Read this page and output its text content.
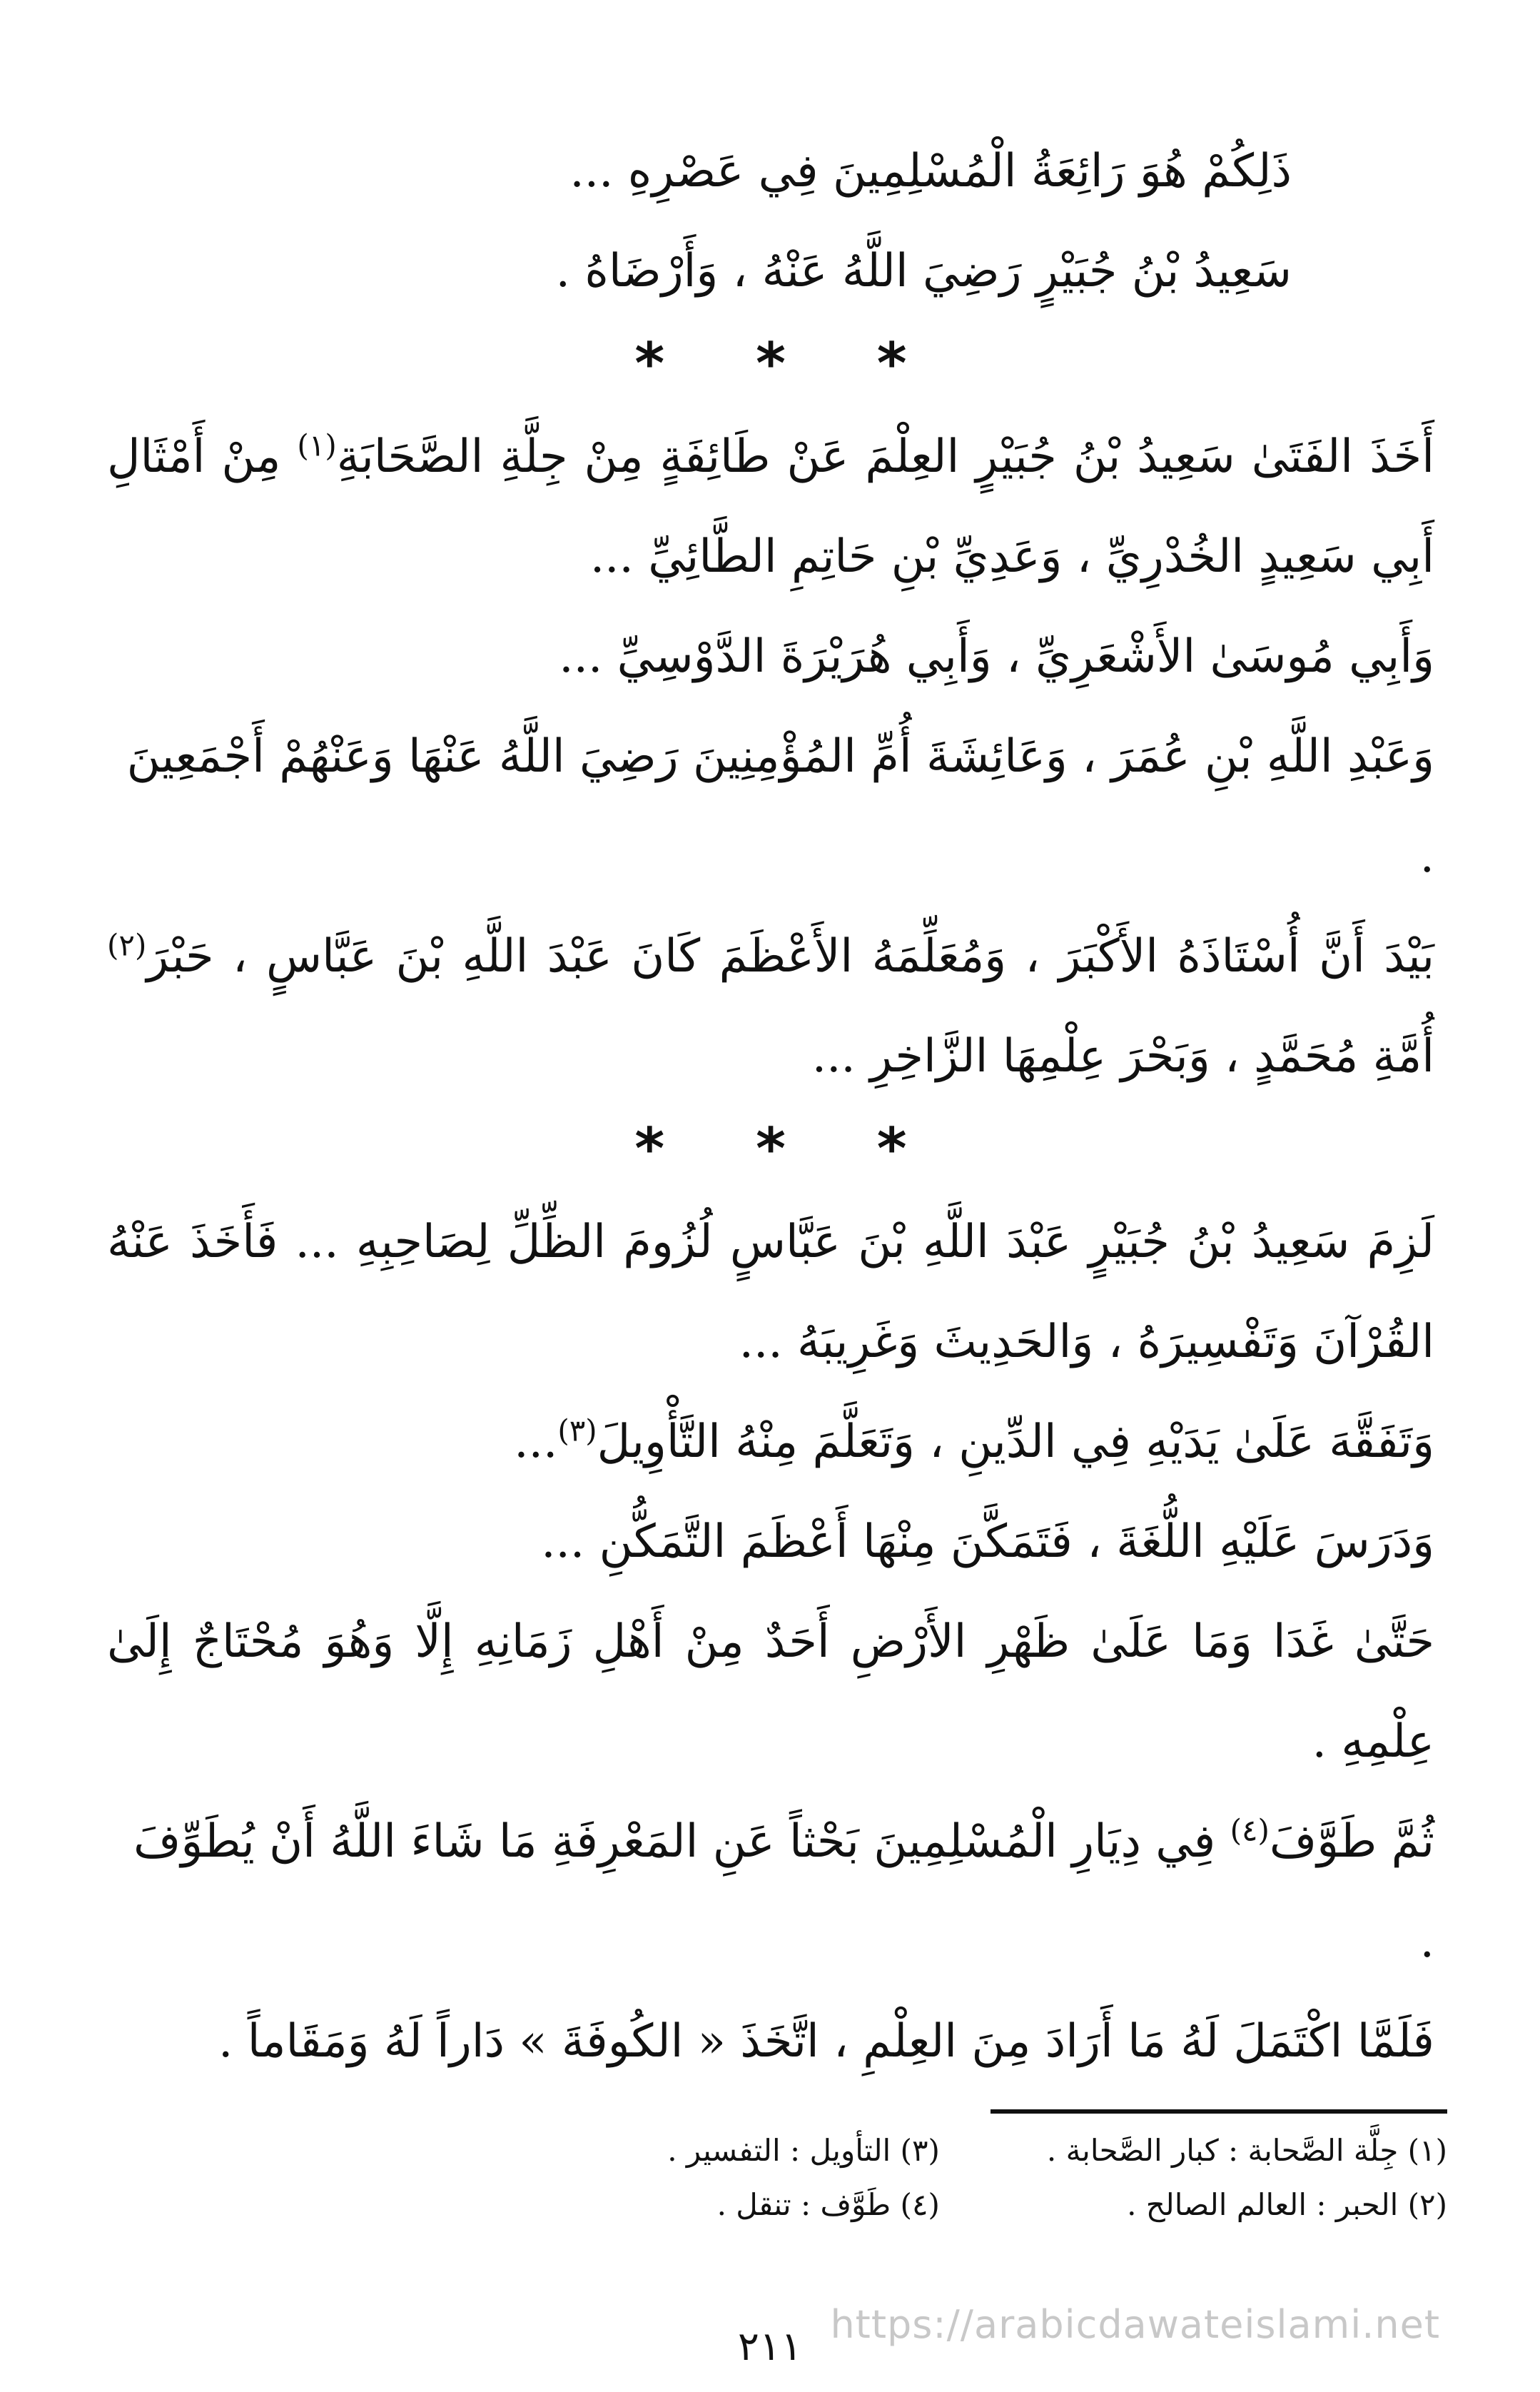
ذَلِكُمْ هُوَ رَائِعَةُ الْمُسْلِمِينَ فِي عَصْرِهِ ...

سَعِيدُ بْنُ جُبَيْرٍ رَضِيَ اللَّهُ عَنْهُ ، وَأَرْضَاهُ .

* * *

أَخَذَ الفَتَىٰ سَعِيدُ بْنُ جُبَيْرٍ العِلْمَ عَنْ طَائِفَةٍ مِنْ جِلَّةِ الصَّحَابَةِ$^{(١)}$ مِنْ أَمْثَالِ أَبِي سَعِيدٍ الخُدْرِيِّ ، وَعَدِيِّ بْنِ حَاتِمِ الطَّائِيِّ ...

وَأَبِي مُوسَىٰ الأَشْعَرِيِّ ، وَأَبِي هُرَيْرَةَ الدَّوْسِيِّ ...

وَعَبْدِ اللَّهِ بْنِ عُمَرَ ، وَعَائِشَةَ أُمِّ المُؤْمِنِينَ رَضِيَ اللَّهُ عَنْهَا وَعَنْهُمْ أَجْمَعِينَ .

بَيْدَ أَنَّ أُسْتَاذَهُ الأَكْبَرَ ، وَمُعَلِّمَهُ الأَعْظَمَ كَانَ عَبْدَ اللَّهِ بْنَ عَبَّاسٍ ، حَبْرَ$^{(٢)}$ أُمَّةِ مُحَمَّدٍ ، وَبَحْرَ عِلْمِهَا الزَّاخِرِ ...

* * *

لَزِمَ سَعِيدُ بْنُ جُبَيْرٍ عَبْدَ اللَّهِ بْنَ عَبَّاسٍ لُزُومَ الظِّلِّ لِصَاحِبِهِ ... فَأَخَذَ عَنْهُ القُرْآنَ وَتَفْسِيرَهُ ، وَالحَدِيثَ وَغَرِيبَهُ ...

وَتَفَقَّهَ عَلَىٰ يَدَيْهِ فِي الدِّينِ ، وَتَعَلَّمَ مِنْهُ التَّأْوِيلَ$^{(٣)}$...

وَدَرَسَ عَلَيْهِ اللُّغَةَ ، فَتَمَكَّنَ مِنْهَا أَعْظَمَ التَّمَكُّنِ ...

حَتَّىٰ غَدَا وَمَا عَلَىٰ ظَهْرِ الأَرْضِ أَحَدٌ مِنْ أَهْلِ زَمَانِهِ إِلَّا وَهُوَ مُحْتَاجٌ إِلَىٰ عِلْمِهِ .

ثُمَّ طَوَّفَ$^{(٤)}$ فِي دِيَارِ الْمُسْلِمِينَ بَحْثاً عَنِ المَعْرِفَةِ مَا شَاءَ اللَّهُ أَنْ يُطَوِّفَ .

فَلَمَّا اكْتَمَلَ لَهُ مَا أَرَادَ مِنَ العِلْمِ ، اتَّخَذَ « الكُوفَةَ » دَاراً لَهُ وَمَقَاماً .

(١) جِلَّة الصَّحابة : كبار الصَّحابة .
(٢) الحبر : العالم الصالح .
(٣) التأويل : التفسير .
(٤) طَوَّف : تنقل .
https://arabicdawateislami.net
٢١١
